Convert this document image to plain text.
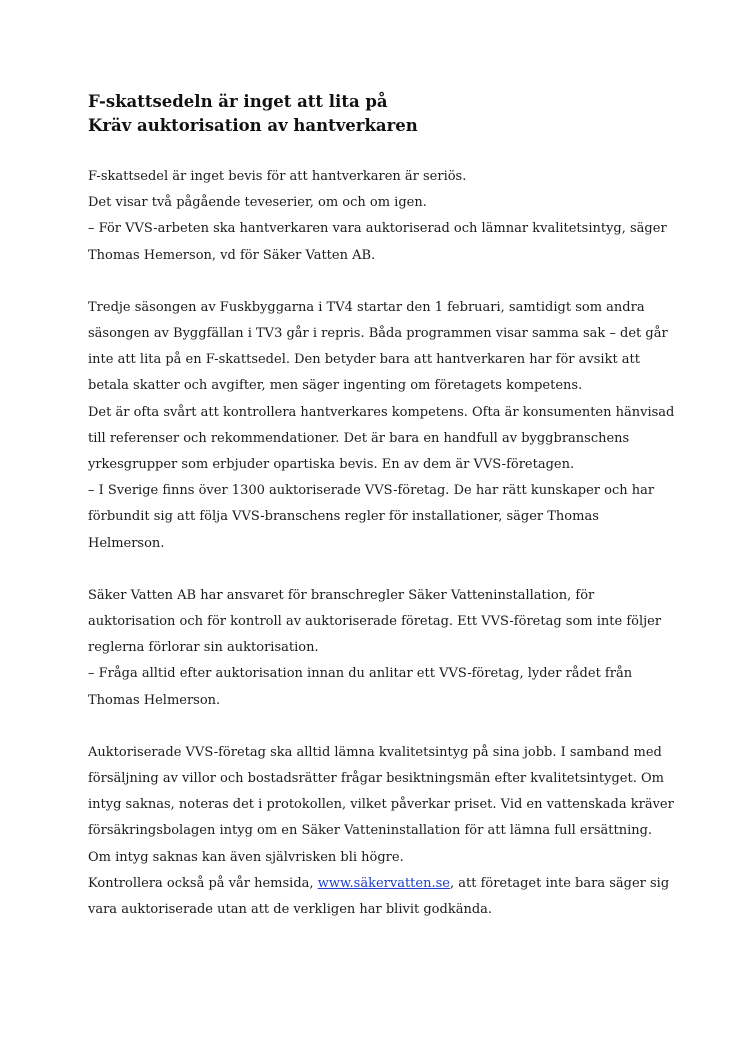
F-skattsedeln är inget att lita på
Kräv auktorisation av hantverkaren
F-skattsedel är inget bevis för att hantverkaren är seriös.
Det visar två pågående teveserier, om och om igen.
– För VVS-arbeten ska hantverkaren vara auktoriserad och lämnar kvalitetsintyg, säger
Thomas Hemerson, vd för Säker Vatten AB.
Tredje säsongen av Fuskbyggarna i TV4 startar den 1 februari, samtidigt som andra
säsongen av Byggfällan i TV3 går i repris. Båda programmen visar samma sak – det går
inte att lita på en F-skattsedel. Den betyder bara att hantverkaren har för avsikt att
betala skatter och avgifter, men säger ingenting om företagets kompetens.
Det är ofta svårt att kontrollera hantverkares kompetens. Ofta är konsumenten hänvisad
till referenser och rekommendationer. Det är bara en handfull av byggbranschens
yrkesgrupper som erbjuder opartiska bevis. En av dem är VVS-företagen.
– I Sverige finns över 1300 auktoriserade VVS-företag. De har rätt kunskaper och har
förbundit sig att följa VVS-branschens regler för installationer, säger Thomas
Helmerson.
Säker Vatten AB har ansvaret för branschregler Säker Vatteninstallation, för
auktorisation och för kontroll av auktoriserade företag. Ett VVS-företag som inte följer
reglerna förlorar sin auktorisation.
– Fråga alltid efter auktorisation innan du anlitar ett VVS-företag, lyder rådet från
Thomas Helmerson.
Auktoriserade VVS-företag ska alltid lämna kvalitetsintyg på sina jobb. I samband med
försäljning av villor och bostadsrätter frågar besiktningsmän efter kvalitetsintyget. Om
intyg saknas, noteras det i protokollen, vilket påverkar priset. Vid en vattenskada kräver
försäkringsbolagen intyg om en Säker Vatteninstallation för att lämna full ersättning.
Om intyg saknas kan även självrisken bli högre.
Kontrollera också på vår hemsida, www.säkervatten.se, att företaget inte bara säger sig
vara auktoriserade utan att de verkligen har blivit godkända.
